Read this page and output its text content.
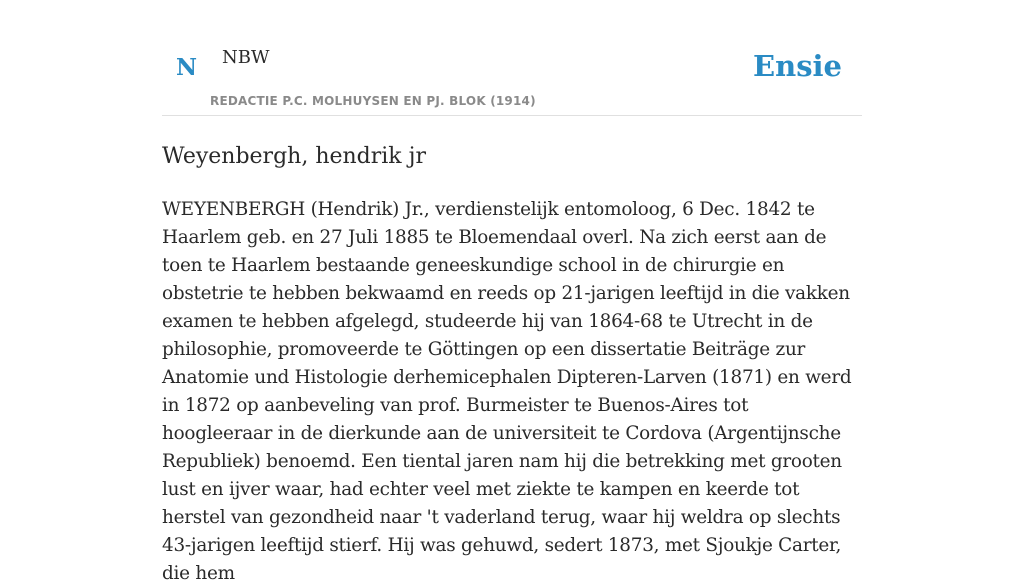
N NBW
REDACTIE P.C. MOLHUYSEN EN PJ. BLOK (1914)
Ensie
Weyenbergh, hendrik jr

WEYENBERGH (Hendrik) Jr., verdienstelijk entomoloog, 6 Dec. 1842 te Haarlem geb. en 27 Juli 1885 te Bloemendaal overl. Na zich eerst aan de toen te Haarlem bestaande geneeskundige school in de chirurgie en obstetrie te hebben bekwaamd en reeds op 21-jarigen leeftijd in die vakken examen te hebben afgelegd, studeerde hij van 1864-68 te Utrecht in de philosophie, promoveerde te Göttingen op een dissertatie Beiträge zur Anatomie und Histologie derhemicephalen Dipteren-Larven (1871) en werd in 1872 op aanbeveling van prof. Burmeister te Buenos-Aires tot hoogleeraar in de dierkunde aan de universiteit te Cordova (Argentijnsche Republiek) benoemd. Een tiental jaren nam hij die betrekking met grooten lust en ijver waar, had echter veel met ziekte te kampen en keerde tot herstel van gezondheid naar 't vaderland terug, waar hij weldra op slechts 43-jarigen leeftijd stierf. Hij was gehuwd, sedert 1873, met Sjoukje Carter, die hem
